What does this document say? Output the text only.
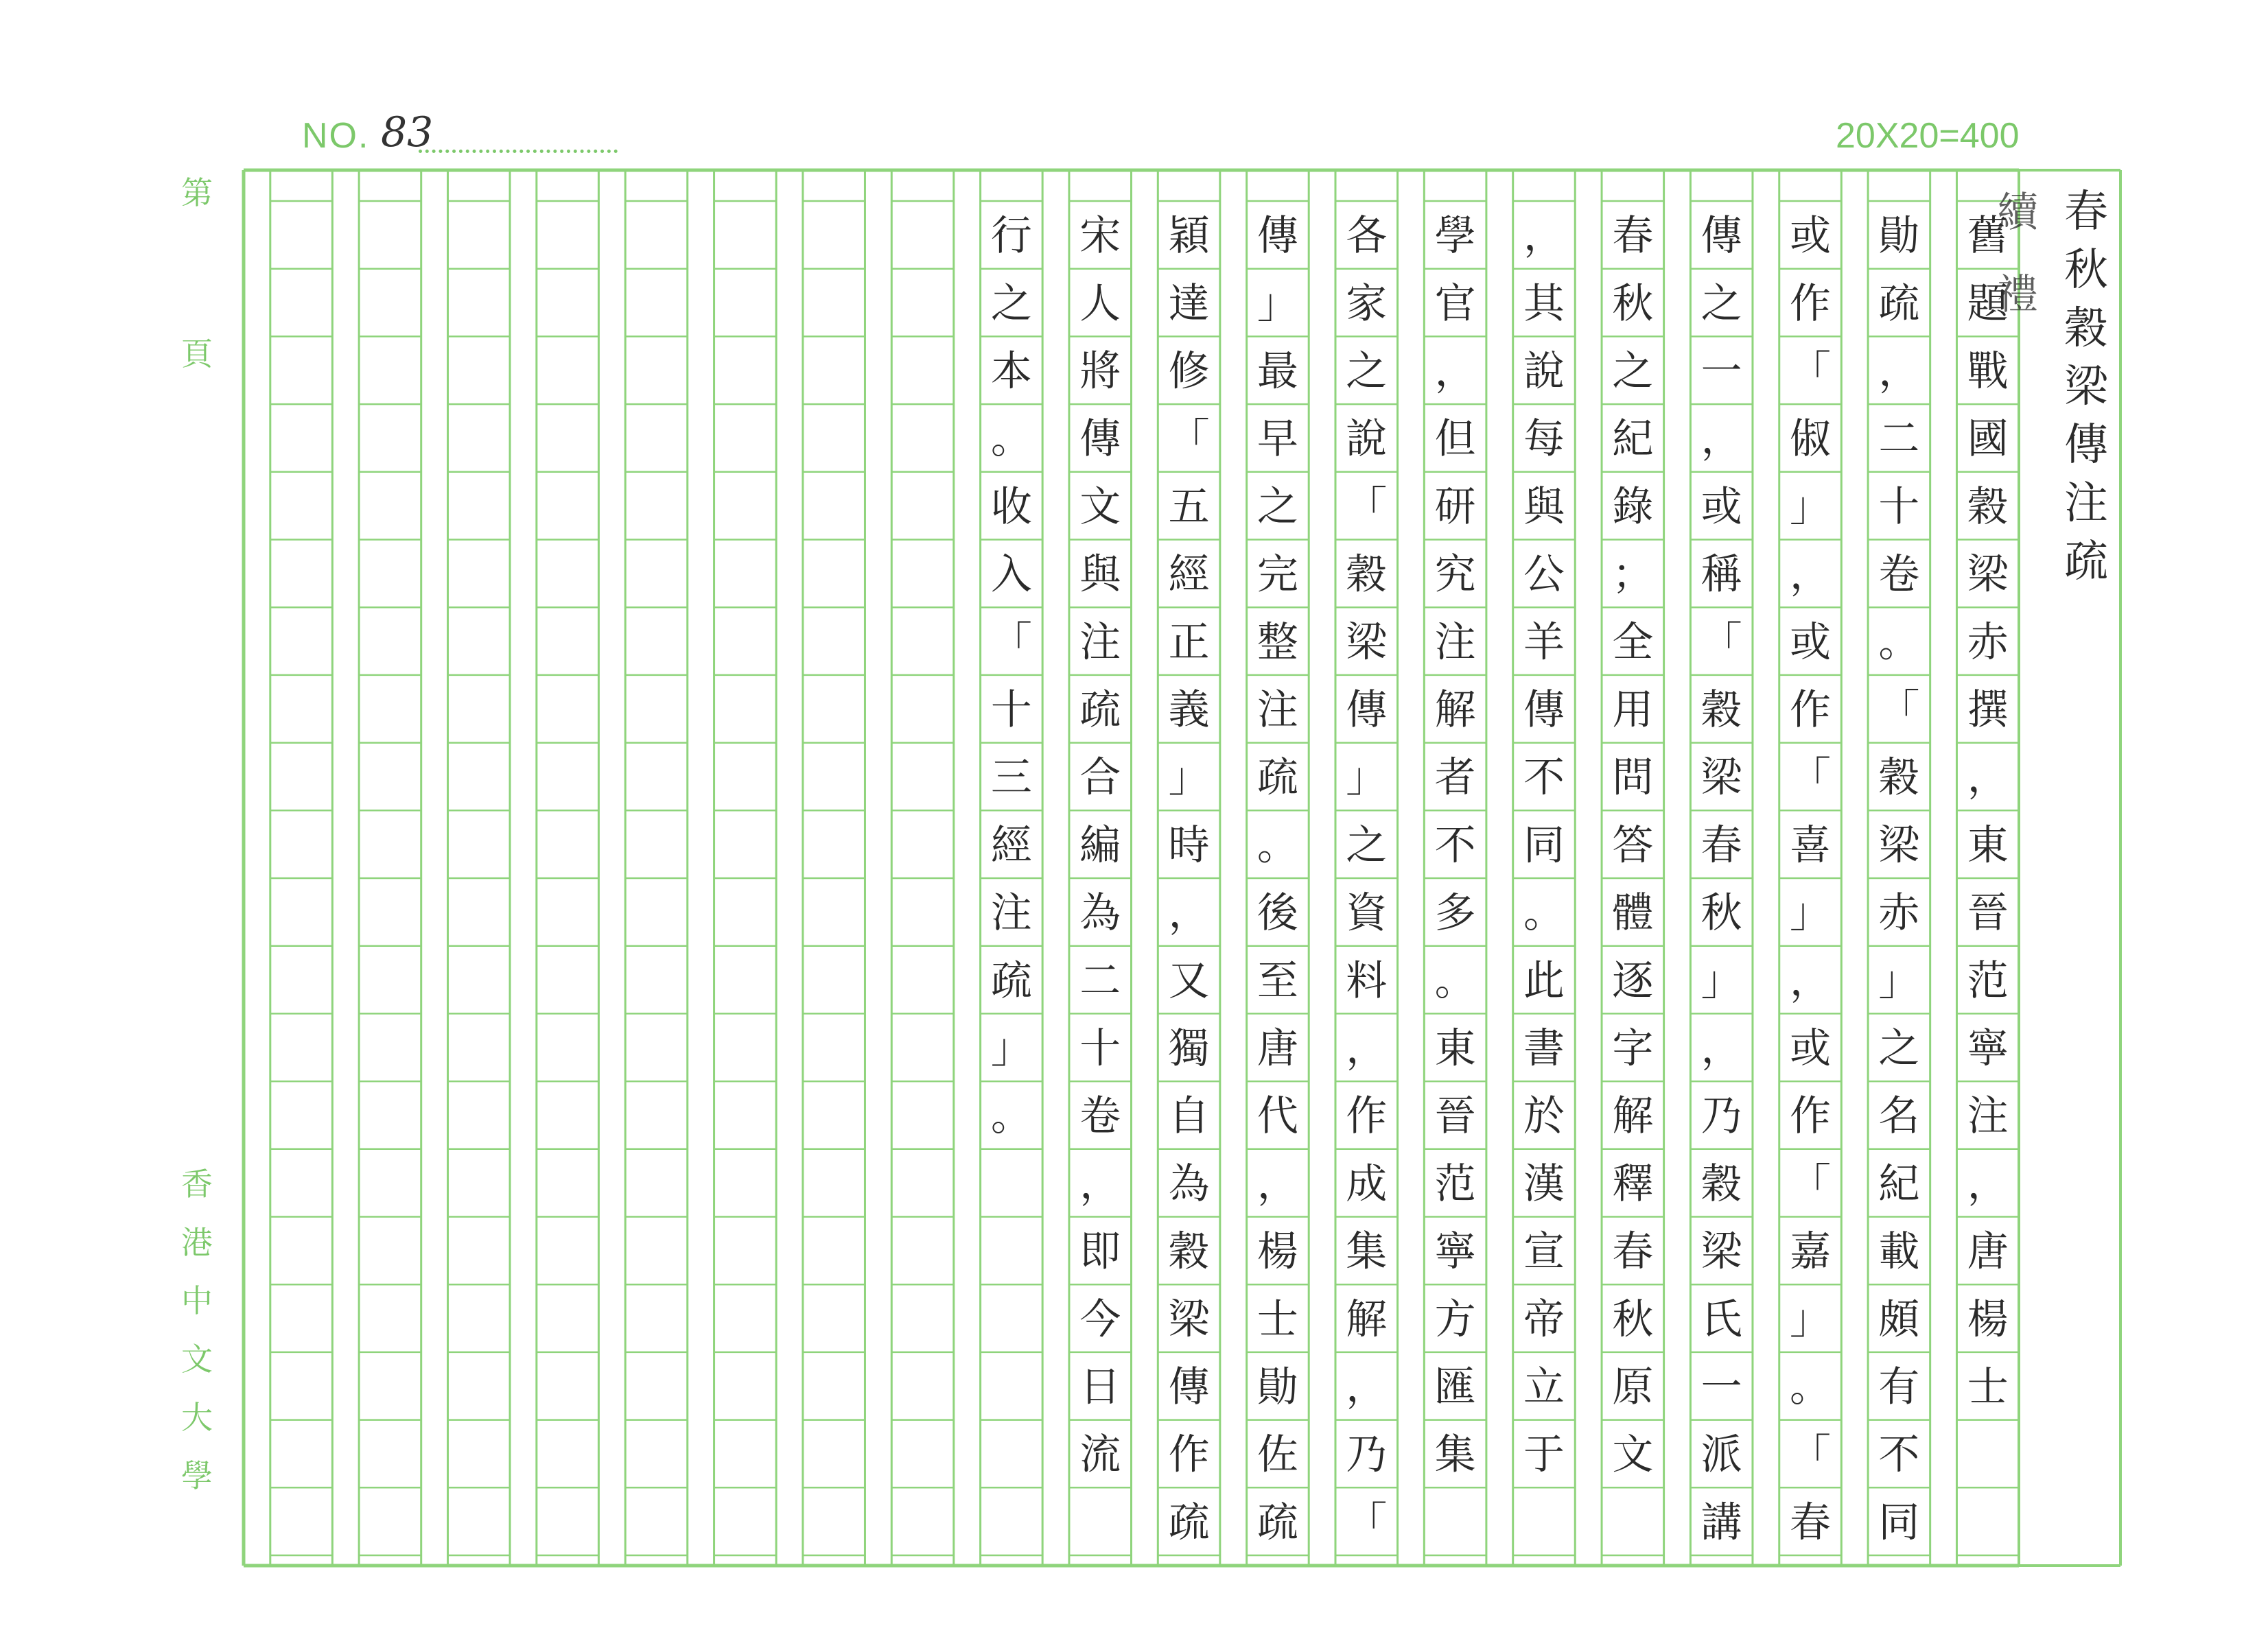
NO. 83	20X20=400
第
頁
香
港
中
文
大
學
春
秋
穀
梁
傳
注
疏
續
禮
舊
題
戰
國
穀
梁
赤
撰
，
東
晉
范
寧
注
，
唐
楊
士
勛
疏
，
二
十
卷
。
「
穀
梁
赤
」
之
名
紀
載
頗
有
不
同
或
作
「
俶
」
，
或
作
「
喜
」
，
或
作
「
嘉
」
。
「
春
傳
之
一
，
或
稱
「
穀
梁
春
秋
」
，
乃
穀
梁
氏
一
派
講
春
秋
之
紀
錄
；
全
用
問
答
體
逐
字
解
釋
春
秋
原
文
，
其
說
每
與
公
羊
傳
不
同
。
此
書
於
漢
宣
帝
立
于
學
官
，
但
研
究
注
解
者
不
多
。
東
晉
范
寧
方
匯
集
各
家
之
說
「
穀
梁
傳
」
之
資
料
，
作
成
集
解
，
乃
「
傳
」
最
早
之
完
整
注
疏
。
後
至
唐
代
，
楊
士
勛
佐
疏
穎
達
修
「
五
經
正
義
」
時
，
又
獨
自
為
穀
梁
傳
作
疏
宋
人
將
傳
文
與
注
疏
合
編
為
二
十
卷
，
即
今
日
流
行
之
本
。
收
入
「
十
三
經
注
疏
」
。
